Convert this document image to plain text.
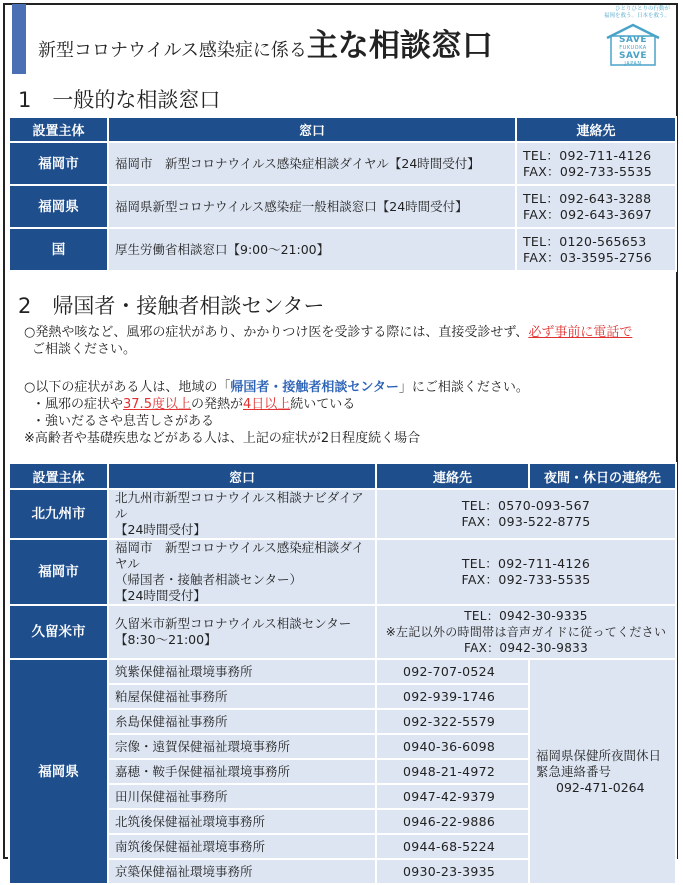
新型コロナウイルス感染症に係る主な相談窓口
ひとりひとりの行動が
福岡を救う。日本を救う。
SAVE
FUKUOKA
SAVE
JAPAN
1　一般的な相談窓口
設置主体	窓口	連絡先
福岡市	福岡市　新型コロナウイルス感染症相談ダイヤル【24時間受付】	TEL：092-711-4126
FAX：092-733-5535

福岡県	福岡県新型コロナウイルス感染症一般相談窓口【24時間受付】	TEL：092-643-3288
FAX：092-643-3697

国	厚生労働省相談窓口【9:00～21:00】	TEL：0120-565653
FAX：03-3595-2756
2　帰国者・接触者相談センター
○発熱や咳など、風邪の症状があり、かかりつけ医を受診する際には、直接受診せず、必ず事前に電話で
ご相談ください。
○以下の症状がある人は、地域の「帰国者・接触者相談センター」にご相談ください。
・風邪の症状や37.5度以上の発熱が4日以上続いている
・強いだるさや息苦しさがある
※高齢者や基礎疾患などがある人は、上記の症状が2日程度続く場合
設置主体	窓口	連絡先	夜間・休日の連絡先
北九州市	北九州市新型コロナウイルス相談ナビダイアル
【24時間受付】	TEL：0570-093-567
FAX：093-522-8775	

福岡市	福岡市　新型コロナウイルス感染症相談ダイヤル
（帰国者・接触者相談センター）
【24時間受付】	TEL：092-711-4126
FAX：092-733-5535	

久留米市	久留米市新型コロナウイルス相談センター
【8:30～21:00】	TEL：0942-30-9335
※左記以外の時間帯は音声ガイドに従ってください
FAX：0942-30-9833	

福岡県	筑紫保健福祉環境事務所	092-707-0524	福岡県保健所夜間休日
緊急連絡番号
092-471-0264

	粕屋保健福祉事務所	092-939-1746	
	糸島保健福祉事務所	092-322-5579	
	宗像・遠賀保健福祉環境事務所	0940-36-6098	
	嘉穂・鞍手保健福祉環境事務所	0948-21-4972	
	田川保健福祉事務所	0947-42-9379	
	北筑後保健福祉環境事務所	0946-22-9886	
	南筑後保健福祉環境事務所	0944-68-5224	
	京築保健福祉環境事務所	0930-23-3935	
